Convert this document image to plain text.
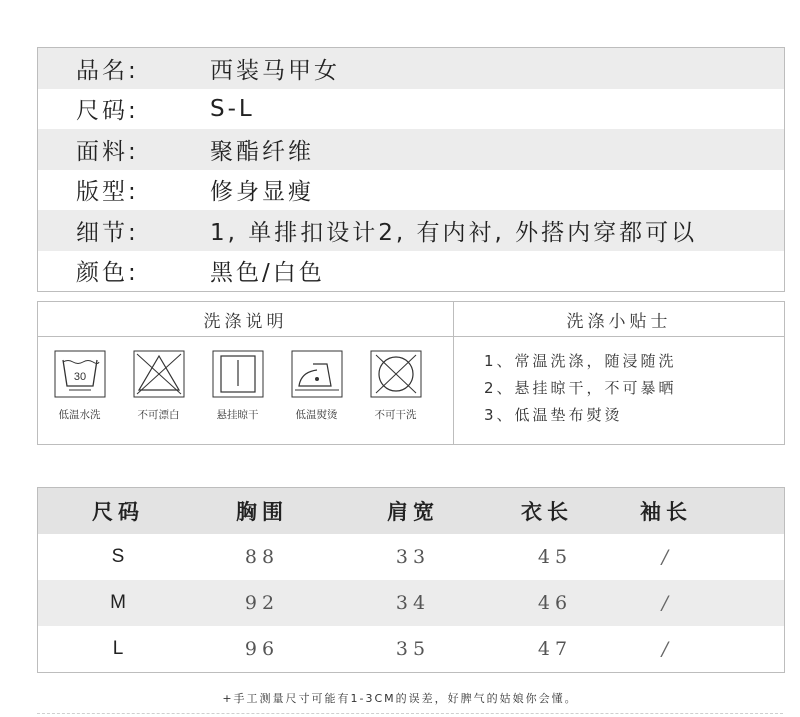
品名:	西装马甲女
尺码:	S-L
面料:	聚酯纤维
版型:	修身显瘦
细节:	1, 单排扣设计2, 有内衬, 外搭内穿都可以
颜色:	黑色/白色
洗涤说明
30
低温水洗	不可漂白	悬挂晾干	低温熨烫	不可干洗
洗涤小贴士
1、常温洗涤，随浸随洗
2、悬挂晾干，不可暴晒
3、低温垫布熨烫
尺码	胸围	肩宽	衣长	袖长
S	88	33	45	/
M	92	34	46	/
L	96	35	47	/
+手工测量尺寸可能有1-3CM的误差，好脾气的姑娘你会懂。
